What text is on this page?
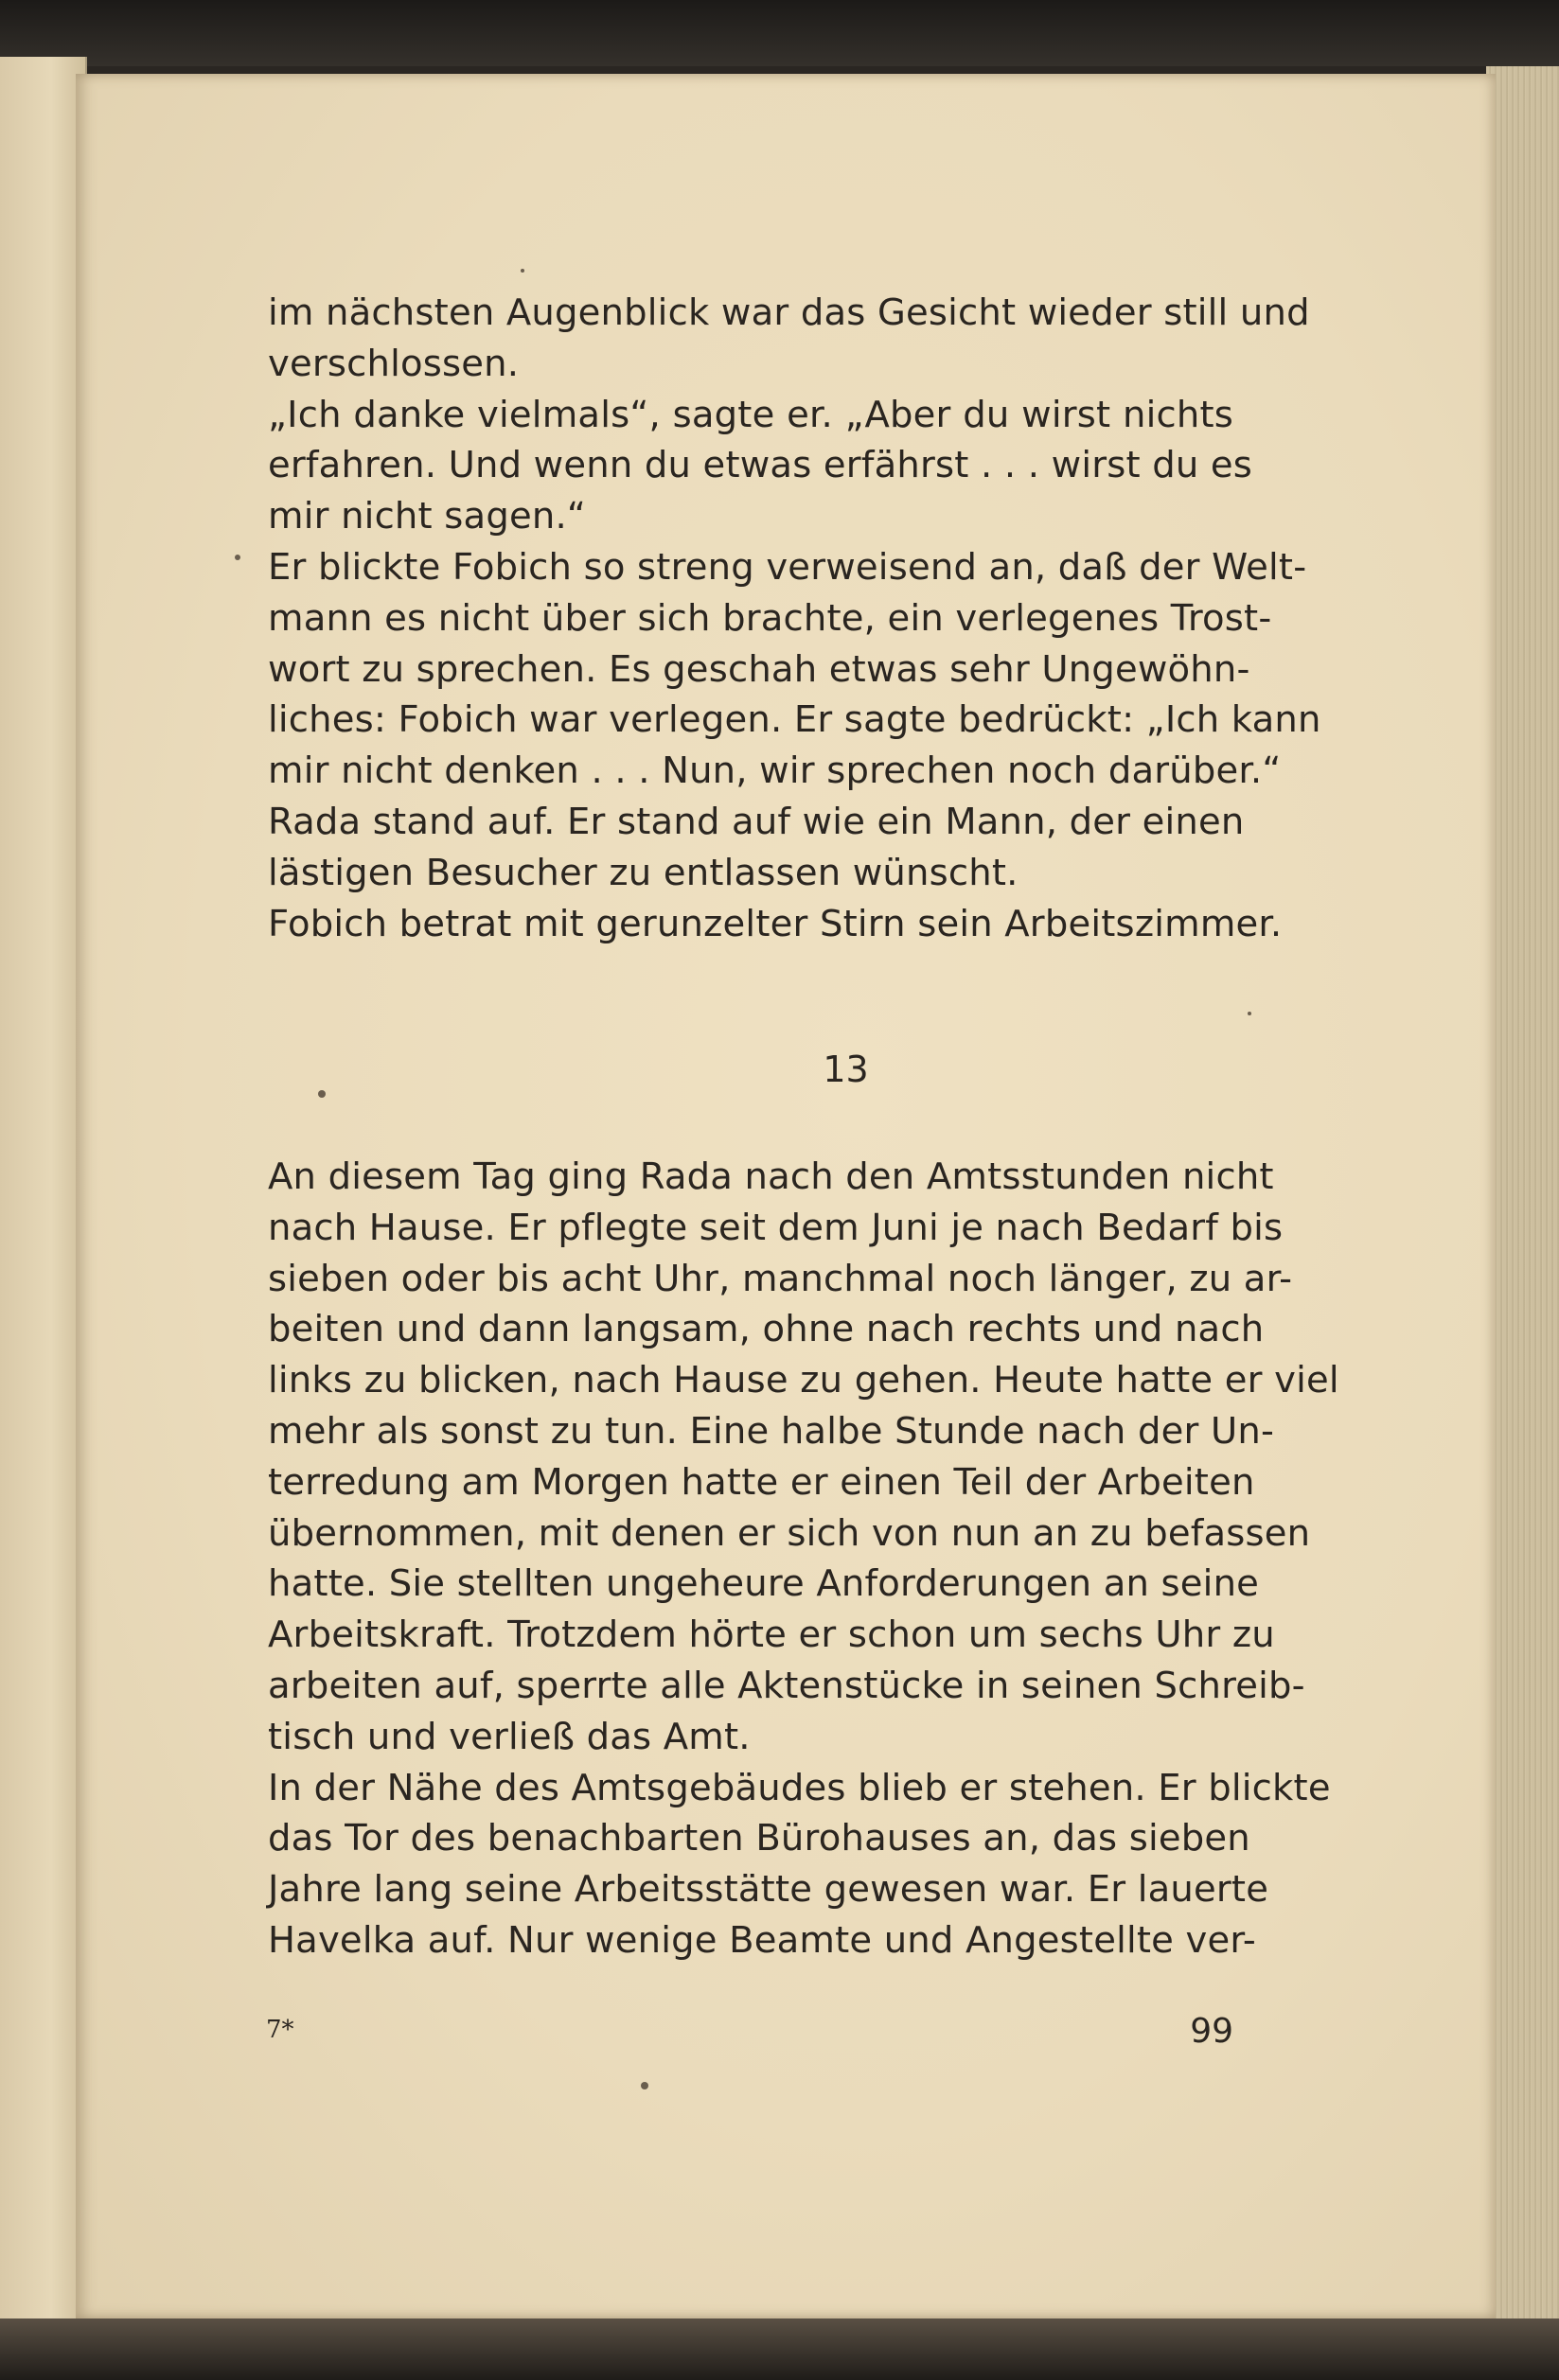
im nächsten Augenblick war das Gesicht wieder still und
verschlossen.
„Ich danke vielmals“, sagte er. „Aber du wirst nichts
erfahren. Und wenn du etwas erfährst . . . wirst du es
mir nicht sagen.“
Er blickte Fobich so streng verweisend an, daß der Welt-
mann es nicht über sich brachte, ein verlegenes Trost-
wort zu sprechen. Es geschah etwas sehr Ungewöhn-
liches: Fobich war verlegen. Er sagte bedrückt: „Ich kann
mir nicht denken . . . Nun, wir sprechen noch darüber.“
Rada stand auf. Er stand auf wie ein Mann, der einen
lästigen Besucher zu entlassen wünscht.
Fobich betrat mit gerunzelter Stirn sein Arbeitszimmer.
13
An diesem Tag ging Rada nach den Amtsstunden nicht
nach Hause. Er pflegte seit dem Juni je nach Bedarf bis
sieben oder bis acht Uhr, manchmal noch länger, zu ar-
beiten und dann langsam, ohne nach rechts und nach
links zu blicken, nach Hause zu gehen. Heute hatte er viel
mehr als sonst zu tun. Eine halbe Stunde nach der Un-
terredung am Morgen hatte er einen Teil der Arbeiten
übernommen, mit denen er sich von nun an zu befassen
hatte. Sie stellten ungeheure Anforderungen an seine
Arbeitskraft. Trotzdem hörte er schon um sechs Uhr zu
arbeiten auf, sperrte alle Aktenstücke in seinen Schreib-
tisch und verließ das Amt.
In der Nähe des Amtsgebäudes blieb er stehen. Er blickte
das Tor des benachbarten Bürohauses an, das sieben
Jahre lang seine Arbeitsstätte gewesen war. Er lauerte
Havelka auf. Nur wenige Beamte und Angestellte ver-
7*	99
